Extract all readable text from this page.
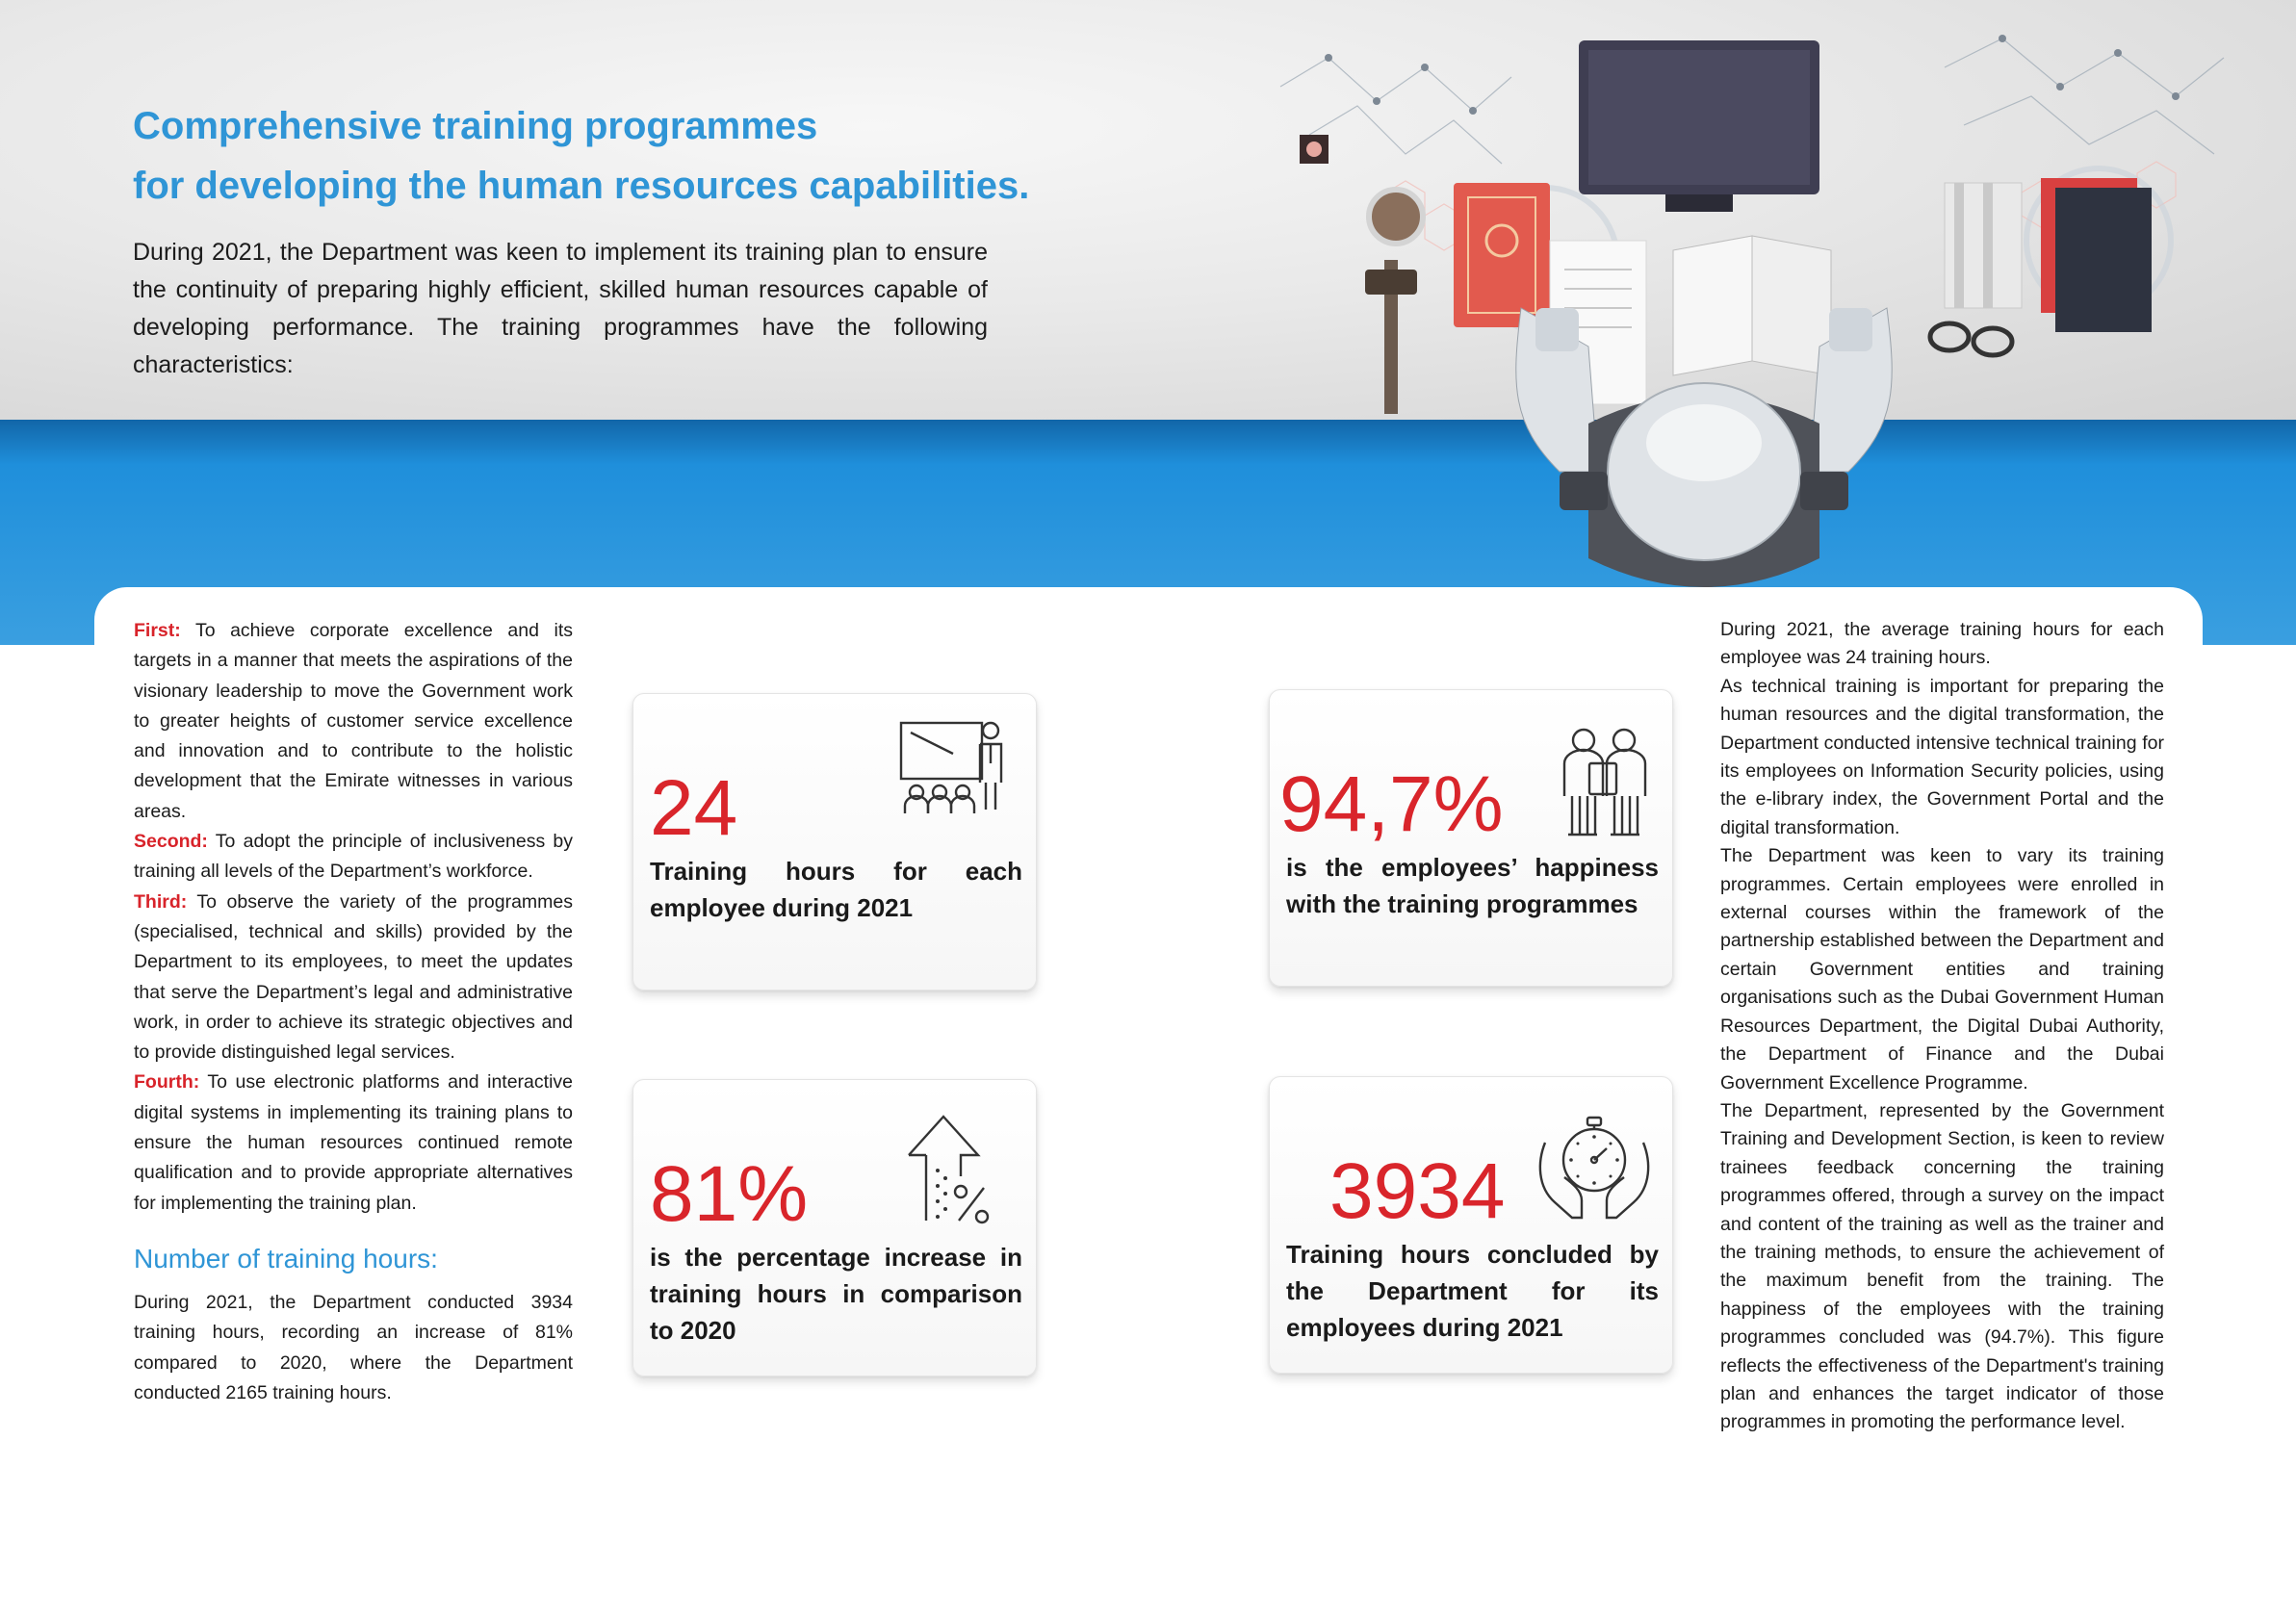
Comprehensive training programmes
for developing the human resources capabilities.

During 2021, the Department was keen to implement its training plan to ensure the continuity of preparing highly efficient, skilled human resources capable of developing performance. The training programmes have the following characteristics:

First: To achieve corporate excellence and its targets in a manner that meets the aspirations of the visionary leadership to move the Government work to greater heights of customer service excellence and innovation and to contribute to the holistic development that the Emirate witnesses in various areas.

Second: To adopt the principle of inclusiveness by training all levels of the Department’s workforce.

Third: To observe the variety of the programmes (specialised, technical and skills) provided by the Department to its employees, to meet the updates that serve the Department’s legal and administrative work, in order to achieve its strategic objectives and to provide distinguished legal services.

Fourth: To use electronic platforms and interactive digital systems in implementing its training plans to ensure the human resources continued remote qualification and to provide appropriate alternatives for implementing the training plan.

Number of training hours:

During 2021, the Department conducted 3934 training hours, recording an increase of 81% compared to 2020, where the Department conducted 2165 training hours.

24
Training hours for each employee during 2021
94,7%
is the employees’ happiness with the training programmes
81%
is the percentage increase in training hours in comparison to 2020
3934
Training hours concluded by the Department for its employees during 2021

During 2021, the average training hours for each employee was 24 training hours.

As technical training is important for preparing the human resources and the digital transformation, the Department conducted intensive technical training for its employees on Information Security policies, using the e-library index, the Government Portal and the digital transformation.

The Department was keen to vary its training programmes. Certain employees were enrolled in external courses within the framework of the partnership established between the Department and certain Government entities and training organisations such as the Dubai Government Human Resources Department, the Digital Dubai Authority, the Department of Finance and the Dubai Government Excellence Programme.

The Department, represented by the Government Training and Development Section, is keen to review trainees feedback concerning the training programmes offered, through a survey on the impact and content of the training as well as the trainer and the training methods, to ensure the achievement of the maximum benefit from the training. The happiness of the employees with the training programmes concluded was (94.7%). This figure reflects the effectiveness of the Department's training plan and enhances the target indicator of those programmes in promoting the performance level.
